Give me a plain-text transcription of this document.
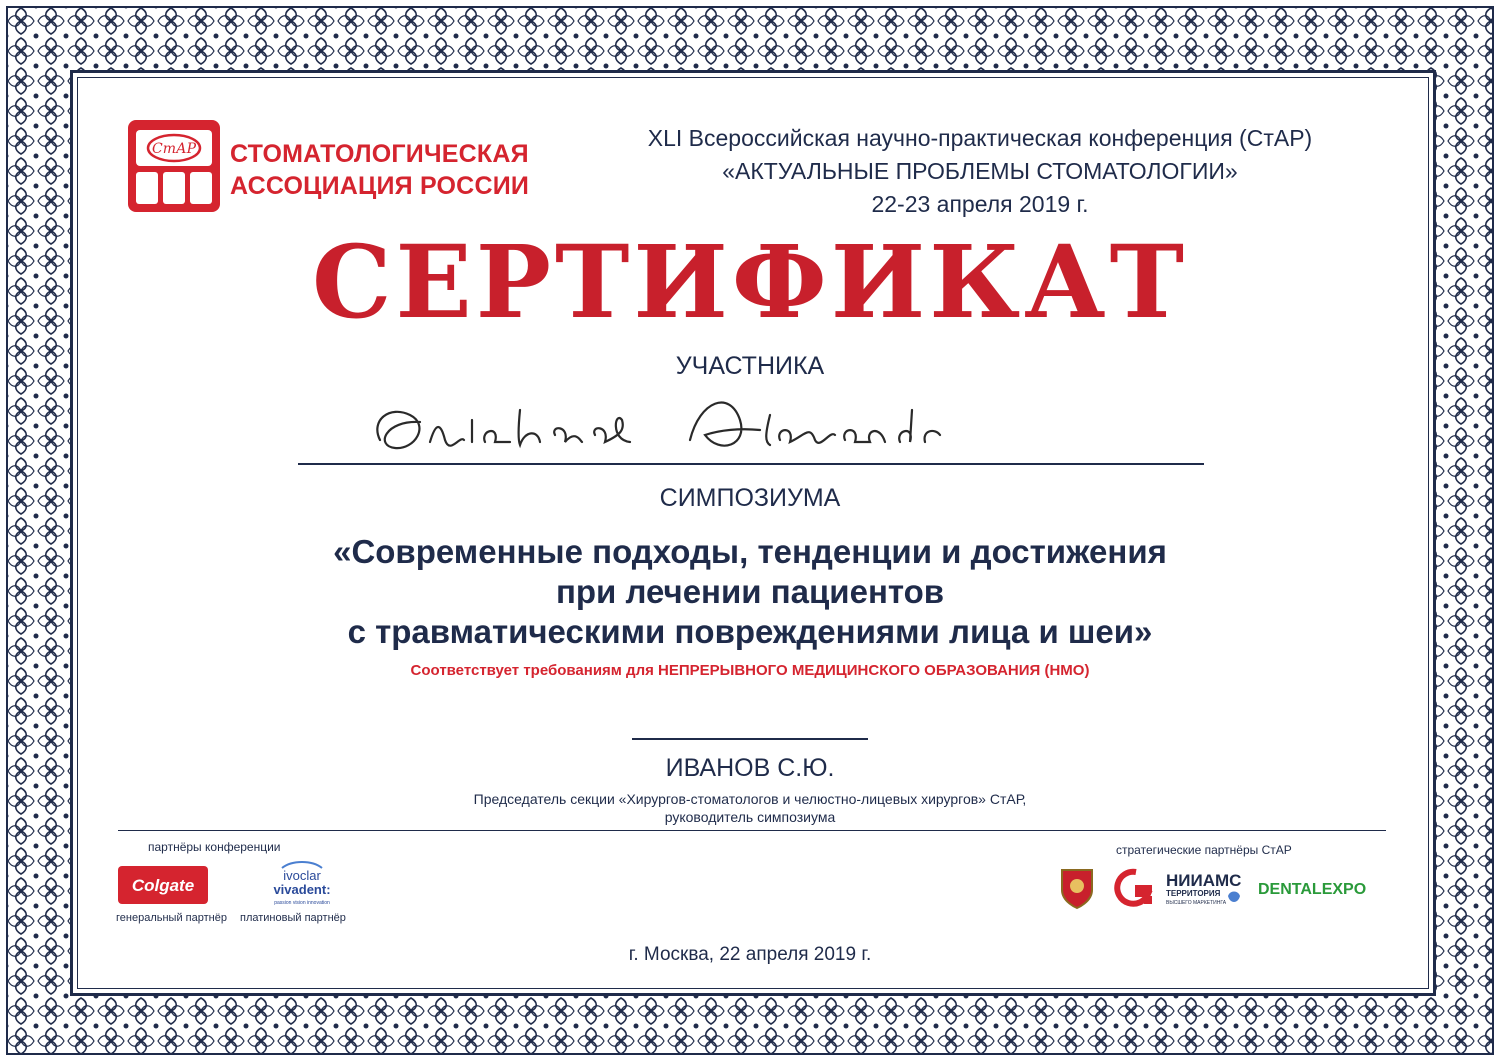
СтАР СТОМАТОЛОГИЧЕСКАЯ
АССОЦИАЦИЯ РОССИИ
XLI Всероссийская научно-практическая конференция (СтАР)
«АКТУАЛЬНЫЕ ПРОБЛЕМЫ СТОМАТОЛОГИИ»
22-23 апреля 2019 г.
СЕРТИФИКАТ
УЧАСТНИКА
Obizhaev Alexandr
СИМПОЗИУМА
«Современные подходы, тенденции и достижения
при лечении пациентов
с травматическими повреждениями лица и шеи»
Соответствует требованиям для НЕПРЕРЫВНОГО МЕДИЦИНСКОГО ОБРАЗОВАНИЯ (НМО)
ИВАНОВ С.Ю.
Председатель секции «Хирургов-стоматологов и челюстно-лицевых хирургов» СтАР,
руководитель симпозиума
партнёры конференции
Colgate
ivoclar
vivadent:
passion vision innovation
генеральный партнёр платиновый партнёр
стратегические партнёры СтАР
НИИАМС
ТЕРРИТОРИЯ
ВЫСШЕГО МАРКЕТИНГА
DENTALEXPO
г. Москва, 22 апреля 2019 г.
